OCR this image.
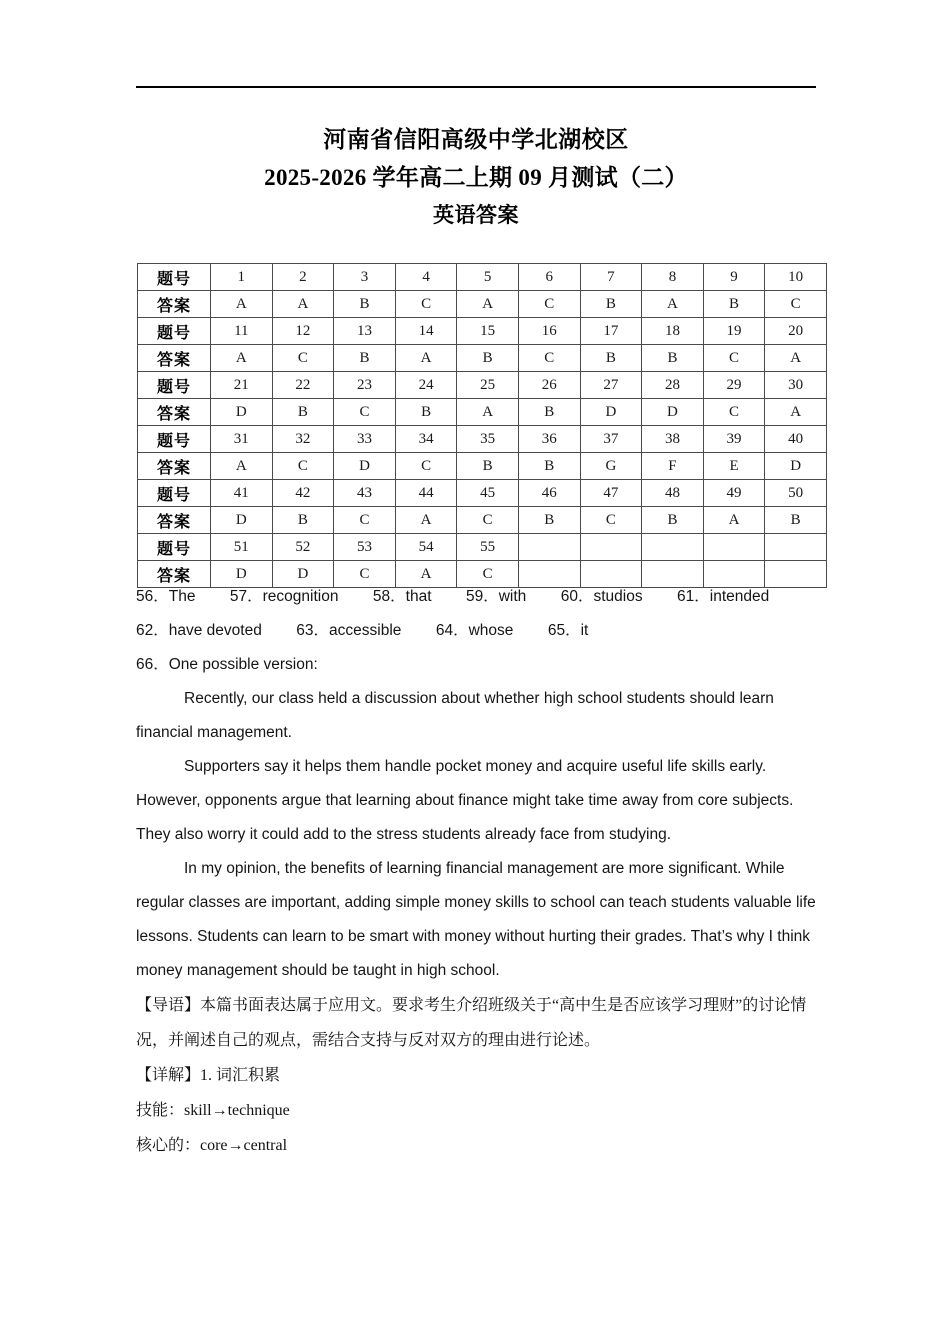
河南省信阳高级中学北湖校区
2025-2026 学年高二上期 09 月测试（二）
英语答案
题号	1	2	3	4	5	6	7	8	9	10
答案	A	A	B	C	A	C	B	A	B	C
题号	11	12	13	14	15	16	17	18	19	20
答案	A	C	B	A	B	C	B	B	C	A
题号	21	22	23	24	25	26	27	28	29	30
答案	D	B	C	B	A	B	D	D	C	A
题号	31	32	33	34	35	36	37	38	39	40
答案	A	C	D	C	B	B	G	F	E	D
题号	41	42	43	44	45	46	47	48	49	50
答案	D	B	C	A	C	B	C	B	A	B
题号	51	52	53	54	55					
答案	D	D	C	A	C					
56．The        57．recognition        58．that        59．with        60．studios        61．intended
62．have devoted        63．accessible        64．whose        65．it
66．One possible version:
Recently, our class held a discussion about whether high school students should learn financial management.
Supporters say it helps them handle pocket money and acquire useful life skills early. However, opponents argue that learning about finance might take time away from core subjects. They also worry it could add to the stress students already face from studying.
In my opinion, the benefits of learning financial management are more significant. While regular classes are important, adding simple money skills to school can teach students valuable life lessons. Students can learn to be smart with money without hurting their grades. That’s why I think money management should be taught in high school.
【导语】本篇书面表达属于应用文。要求考生介绍班级关于“高中生是否应该学习理财”的讨论情况，并阐述自己的观点，需结合支持与反对双方的理由进行论述。
【详解】1. 词汇积累
技能：skill→technique
核心的：core→central
